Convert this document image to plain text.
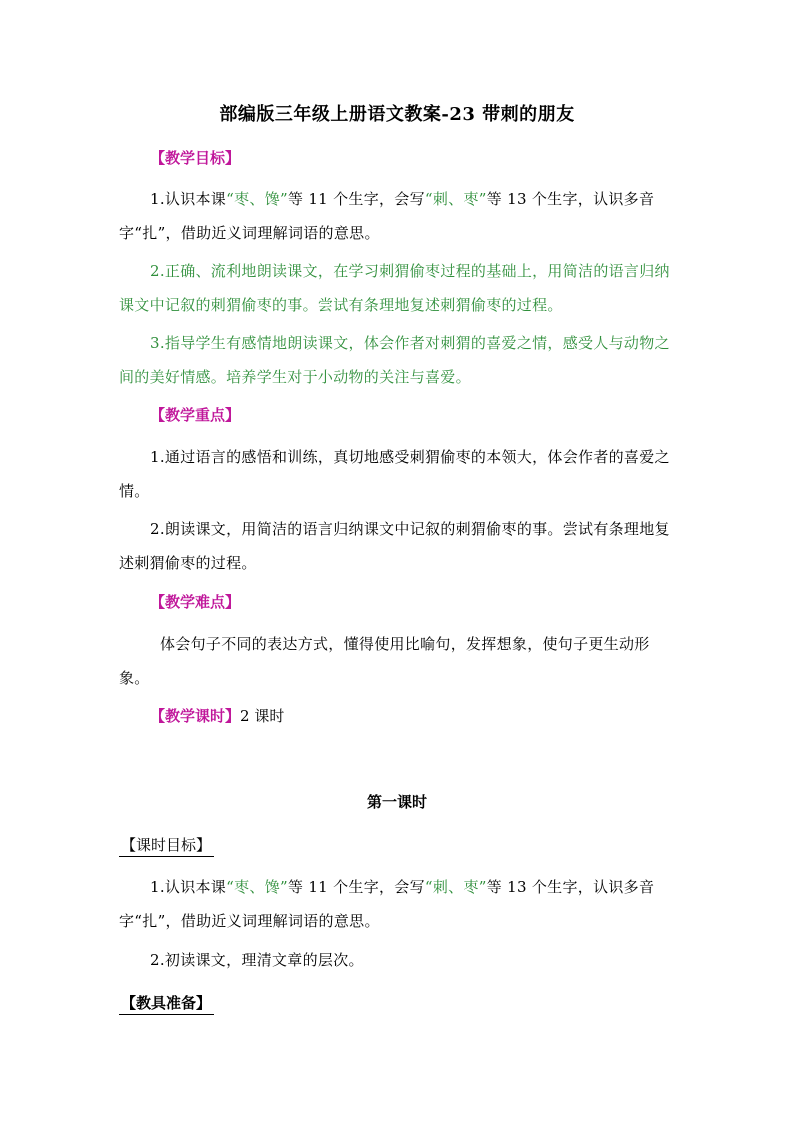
部编版三年级上册语文教案-23 带刺的朋友
【教学目标】
1.认识本课“枣、馋”等 11 个生字，会写“刺、枣”等 13 个生字，认识多音字“扎”，借助近义词理解词语的意思。
2.正确、流利地朗读课文，在学习刺猬偷枣过程的基础上，用简洁的语言归纳课文中记叙的刺猬偷枣的事。尝试有条理地复述刺猬偷枣的过程。
3.指导学生有感情地朗读课文，体会作者对刺猬的喜爱之情，感受人与动物之间的美好情感。培养学生对于小动物的关注与喜爱。
【教学重点】
1.通过语言的感悟和训练，真切地感受刺猬偷枣的本领大，体会作者的喜爱之情。
2.朗读课文，用简洁的语言归纳课文中记叙的刺猬偷枣的事。尝试有条理地复述刺猬偷枣的过程。
【教学难点】
体会句子不同的表达方式，懂得使用比喻句，发挥想象，使句子更生动形象。
【教学课时】2 课时
第一课时
【课时目标】
1.认识本课“枣、馋”等 11 个生字，会写“刺、枣”等 13 个生字，认识多音字“扎”，借助近义词理解词语的意思。
2.初读课文，理清文章的层次。
【教具准备】
